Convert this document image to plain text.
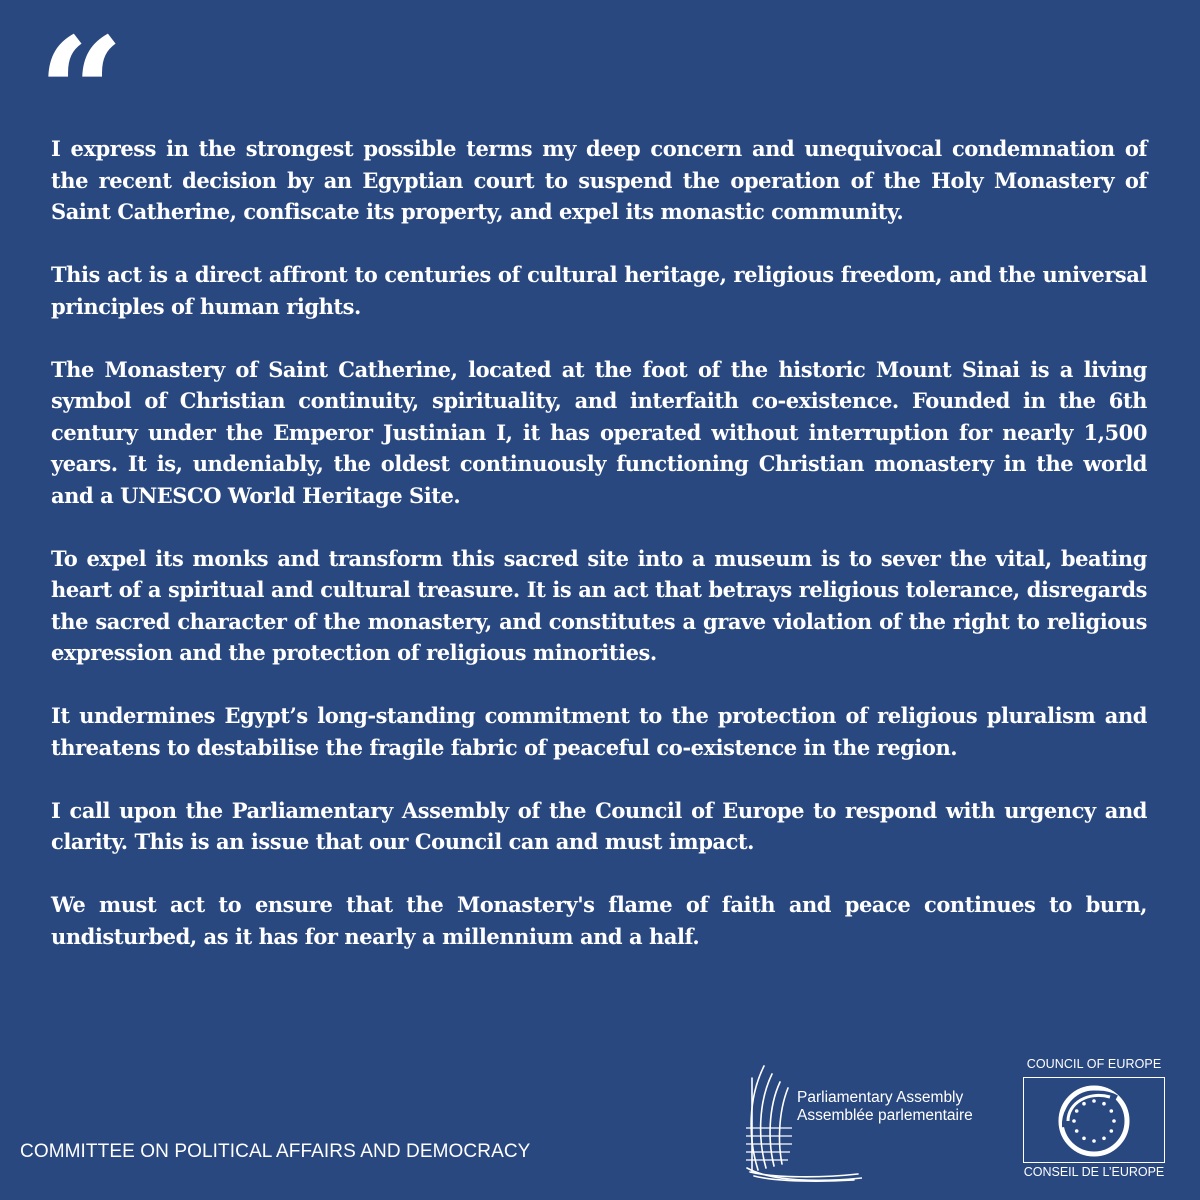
“

I express in the strongest possible terms my deep concern and unequivocal condemnation of the recent decision by an Egyptian court to suspend the operation of the Holy Monastery of Saint Catherine, confiscate its property, and expel its monastic community.

This act is a direct affront to centuries of cultural heritage, religious freedom, and the universal principles of human rights.

The Monastery of Saint Catherine, located at the foot of the historic Mount Sinai is a living symbol of Christian continuity, spirituality, and interfaith co-existence. Founded in the 6th century under the Emperor Justinian I, it has operated without interruption for nearly 1,500 years. It is, undeniably, the oldest continuously functioning Christian monastery in the world and a UNESCO World Heritage Site.

To expel its monks and transform this sacred site into a museum is to sever the vital, beating heart of a spiritual and cultural treasure. It is an act that betrays religious tolerance, disregards the sacred character of the monastery, and constitutes a grave violation of the right to religious expression and the protection of religious minorities.

It undermines Egypt’s long-standing commitment to the protection of religious pluralism and threatens to destabilise the fragile fabric of peaceful co-existence in the region.

I call upon the Parliamentary Assembly of the Council of Europe to respond with urgency and clarity. This is an issue that our Council can and must impact.

We must act to ensure that the Monastery's flame of faith and peace continues to burn, undisturbed, as it has for nearly a millennium and a half.

COMMITTEE ON POLITICAL AFFAIRS AND DEMOCRACY
Parliamentary Assembly
Assemblée parlementaire
COUNCIL OF EUROPE
CONSEIL DE L’EUROPE
